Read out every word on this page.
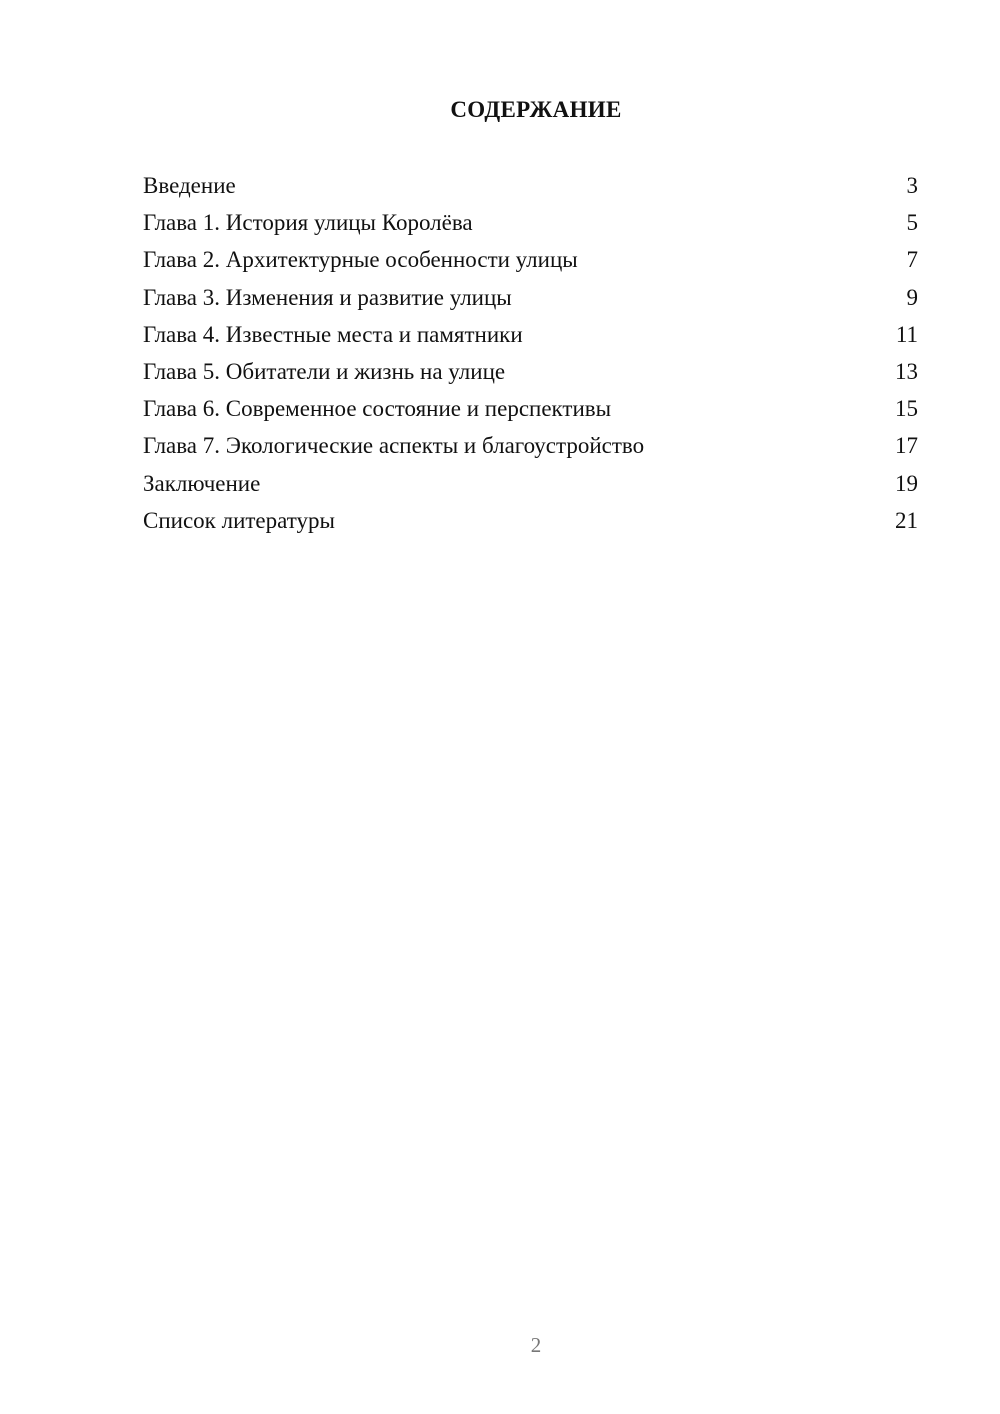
СОДЕРЖАНИЕ
Введение	3
Глава 1. История улицы Королёва	5
Глава 2. Архитектурные особенности улицы	7
Глава 3. Изменения и развитие улицы	9
Глава 4. Известные места и памятники	11
Глава 5. Обитатели и жизнь на улице	13
Глава 6. Современное состояние и перспективы	15
Глава 7. Экологические аспекты и благоустройство	17
Заключение	19
Список литературы	21
2
